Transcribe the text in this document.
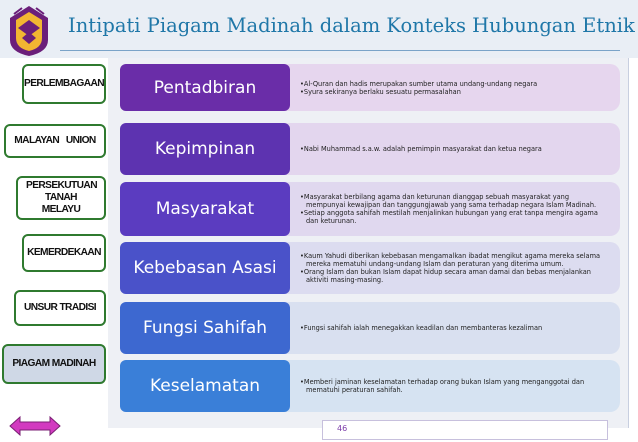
Intipati Piagam Madinah dalam Konteks Hubungan Etnik
PERLEMBAGAAN
MALAYAN   UNION
PERSEKUTUAN TANAH MELAYU
KEMERDEKAAN
UNSUR TRADISI
PIAGAM MADINAH
Pentadbiran	•Al-Quran dan hadis merupakan sumber utama undang-undang negara
•Syura sekiranya berlaku sesuatu permasalahan
Kepimpinan	•Nabi Muhammad s.a.w. adalah pemimpin masyarakat dan ketua negara
Masyarakat
•Masyarakat berbilang agama dan keturunan dianggap sebuah masyarakat yang mempunyai kewajipan dan tanggungjawab yang sama terhadap negara Islam Madinah.
•Setiap anggota sahifah mestilah menjalinkan hubungan yang erat tanpa mengira agama dan keturunan.
Kebebasan Asasi
•Kaum Yahudi diberikan kebebasan mengamalkan ibadat mengikut agama mereka selama mereka mematuhi undang-undang Islam dan peraturan yang diterima umum.
•Orang Islam dan bukan Islam dapat hidup secara aman damai dan bebas menjalankan aktiviti masing-masing.
Fungsi Sahifah	•Fungsi sahifah ialah menegakkan keadilan dan membanteras kezaliman
Keselamatan	•Memberi jaminan keselamatan terhadap orang bukan Islam yang menganggotai dan mematuhi peraturan sahifah.
46
